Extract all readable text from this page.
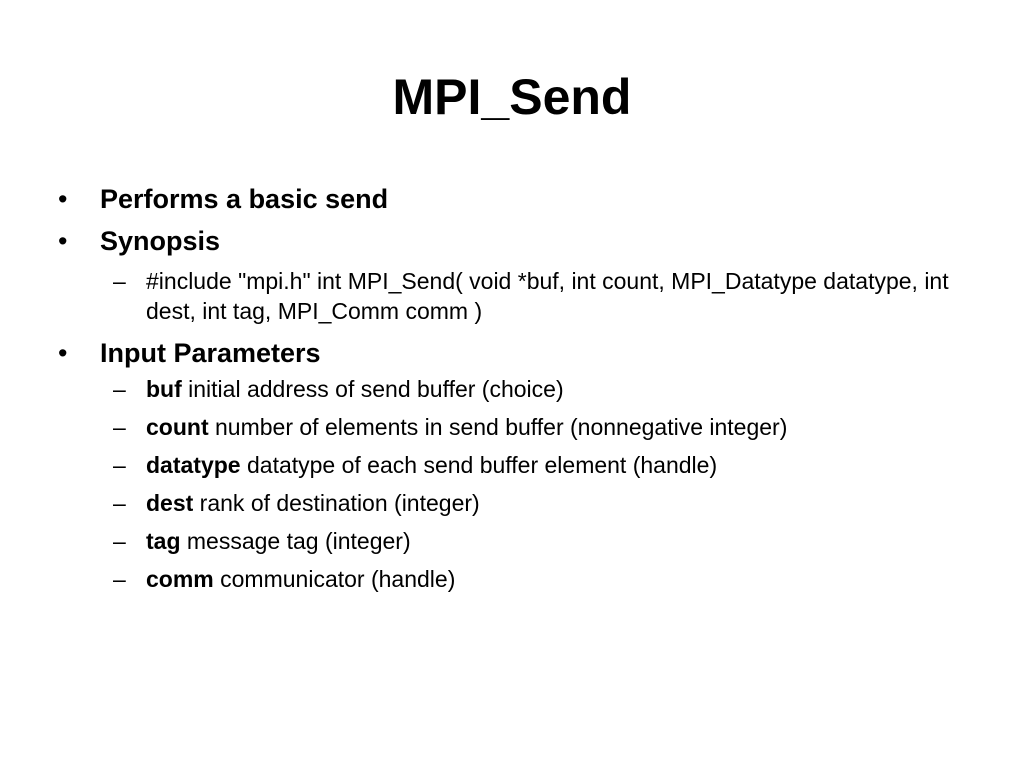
MPI_Send
• Performs a basic send
• Synopsis
– #include "mpi.h" int MPI_Send( void *buf, int count, MPI_Datatype datatype, int dest, int tag, MPI_Comm comm )
• Input Parameters
– buf initial address of send buffer (choice)
– count number of elements in send buffer (nonnegative integer)
– datatype datatype of each send buffer element (handle)
– dest rank of destination (integer)
– tag message tag (integer)
– comm communicator (handle)
